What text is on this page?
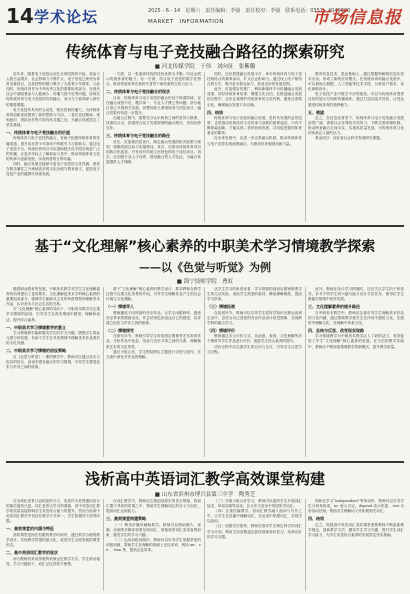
14 学术论坛	2025 - 6 - 14　星期六　责任编辑：李强　责任校对：李强　联系电话：0351 - 4046800
MARKET　INFORMATION	市场信息报
传统体育与电子竞技融合路径的探索研究
■ 河北传媒学院　于伟　刘向征　张紫璐

近年来，随着电子竞技运动在全球范围内兴起，其参与人数日益增多，社会影响力不断扩大，电子竞技已被列为体育竞赛项目，以其独特的魅力吸引了大批青少年群体。与此同时，传统体育作为中华优秀文化的重要组成部分，在现代社会中面临着参与人数减少、传播力度不足等问题。如何实现传统体育与电子竞技的有机融合，成为当下值得深入研究的重要课题。

电子竞技所具有的互动性、娱乐性和传播力，为传统体育的创新发展提供了新的思路与方向。二者在竞技精神、规则意识、团队协作等方面具有共通之处，为融合发展奠定了坚实基础。

一、传统体育与电子竞技融合的价值

传统体育与电子竞技的融合，有助于拓展传统体育的传播渠道，提升其在青少年群体中的吸引力与影响力。通过电子竞技平台，传统体育项目可以借助数字化手段实现更广泛的传播，让更多年轻人了解和参与其中，推动传统体育文化的传承与创新发展，实现两者的互利共赢。

同时，融合发展还能够丰富电子竞技的文化内涵，使其在娱乐属性之外承载更多的文化价值与教育意义，促进电子竞技产业的健康可持续发展。

一方面，以一张素养体验的经验优势为平衡，向社会展示传统体育的魅力；另一方面，结合电子竞技的数字化特点，推动传统体育在新时代背景下焕发新的生机与活力。

二、传统体育与电子竞技融合的现状

目前，传统体育与电子竞技的融合仍处于探索阶段，存在融合深度不足、模式单一、专业人才匮乏等问题。部分地区虽已开展相关实践，但整体缺乏系统规划与顶层设计，融合效果有待进一步提升。

在融合过程中，需要充分认识两者之间的差异与联系，找准结合点，探索符合双方发展规律的融合路径，实现优势互补。

三、传统体育与电子竞技融合的路径

首先，应加强顶层设计，制定融合发展的相关政策与规划，明确发展目标与实施路径。其次，应推动传统体育项目的数字化改造，开发具有传统文化特色的电子竞技项目。再次，应加强专业人才培养，建设融合型人才队伍，为融合发展提供人才保障。

同时，还应搭建融合发展平台，举办传统体育与电子竞技相结合的赛事活动，扩大社会影响力。通过线上线下相结合的方式，吸引更多群众参与，营造良好的发展氛围。

此外，应加强宣传推广，利用新媒体平台传播融合发展成果，讲好传统体育故事，增强文化自信。在推进融合发展的过程中，还应注重保护传统体育的文化内核，避免过度娱乐化，确保融合发展方向正确。

四、结语

传统体育与电子竞技的融合发展，是时代发展的必然趋势，也是推动传统体育文化传承与创新的重要途径。只有不断探索创新，才能实现二者的协调发展，共同促进我国体育事业的繁荣。

在未来发展中，应进一步完善融合机制，推动传统体育与电子竞技实现深度融合，为建设体育强国贡献力量。

教育信息技术，是此基础上，通过数据库解构信息化技术应用，形成了新的应用模式。在传统体育的融合发展中，可以借助大数据、人工智能等技术手段，分析用户需求，优化赛事设计。

电子竞技产业中数字平台的建设，可以为传统体育提供良好的展示空间和传播载体。通过打造沉浸式体验，让受众感受传统体育的独特魅力。

五、展望

总之，在信息化背景下，传统体育与电子竞技融合发展前景广阔，需要社会各界的共同努力，不断完善体制机制，推动两者融合走深走实，实现高质量发展，为传统体育文化的传承注入新的活力。

基金项目：河北省社会科学发展研究课题。

基于“文化理解”核心素养的中职美术学习情境教学探索
——以《色觉与听觉》为例
■ 海宁技师学院　曹虹

随着职业教育的发展，中职美术教学对学生文化理解素养的培养提出了更高要求。文化理解是美术学科核心素养的重要组成部分，强调学生能够从文化的角度观察和理解美术作品，认识美术与社会生活的关系。

在“文化理解”核心素养的导向下，中职美术教学应注重学习情境的创设，引导学生在真实情境中感受、理解和表达，提升综合素养。

一、中职美术学习情境教学的意义

学习情境教学能够激发学生的学习兴趣，增强学生的参与感与体验感，有助于学生在具体情境中理解美术作品背后的文化内涵。

二、中职美术学习情境的创设策略

在《色觉与听觉》一课的教学中，教师可以通过音乐与色彩的结合，创设多感官融合的学习情境，引导学生感受色彩与声音之间的联系。

基于“文化理解”核心素养的教学设计，要求教师在教学过程中注重文化背景的介绍，引导学生理解作品产生的社会环境与文化渊源。

（一）情境导入

教师播放不同风格的音乐作品，让学生闭眼聆听，感受音乐带来的情绪变化，并尝试用色彩表达自己的感受，初步建立色彩与声音之间的联系。

（二）情境探究

在探究环节，教师引导学生欣赏康定斯基等艺术家的作品，分析作品中色彩、线条与音乐节奏之间的关系，理解抽象艺术的文化背景。

通过小组合作，学生围绕特定主题进行讨论与创作，在交流中深化对作品的理解。

从学生学习的角度来看，学习情境的创设应紧密联系学生的生活实际，选取学生熟悉的素材，降低理解难度，提高学习效率。

（三）情境拓展

在拓展环节，教师可以引导学生将所学知识迁移运用到生活中，尝试为自己喜爱的音乐作品设计视觉图像，实现跨学科的融合学习。

（四）情境评价

教师通过多元评价方式，从创意、表现、文化理解等多个维度对学生作品进行评价，促进学生综合素养的提升。

评价过程中应注重学生的自评与互评，引导学生反思学习过程。

此外，教师在设计学习情境时，还应关注学生的个体差异，针对不同学生的兴趣与能力设计分层任务，使每位学生都能在情境中获得发展。

三、文化理解素养的提升路径

在中职美术教学中，教师应注重引导学生理解美术作品的文化内涵，通过情境教学使学生在体验中感悟文化，在感悟中理解文化，在理解中传承文化。

四、总结与反思、改变现实现路

学习情境教学为中职美术教学注入了新的活力，有效促进了学生“文化理解”核心素养的发展。在今后的教学实践中，教师应不断探索情境教学的新模式，提升教学质量。

浅析高中英语词汇教学高效课堂构建
■ 山东省滨州市博兴县第三中学　陶秀芝

在全球化背景日益明显的今天，英语作为世界通用语言的地位越发凸显。词汇是语言学习的基础，高中英语词汇教学的质量直接影响学生英语综合能力的提升。然而当前高中英语词汇教学中仍存在教学方式单一、学生积极性不高等问题。

一、高效课堂的内涵与特征

高效课堂是指在有限的教学时间内，通过科学合理的教学设计，实现教学效果的最大化，促进学生全面发展的课堂形态。

二、高中英语词汇教学的现状

部分教师仍采用传统的机械记忆教学方式，学生被动接受，学习兴趣低下，词汇记忆效果不理想。

在词汇教学中，教师应注重创设真实的语言情境，将词汇置于具体的语境之中，帮助学生理解词汇的含义与用法，提高词汇运用能力。

三、高效课堂构建策略

（一）利用多媒体辅助教学。教师可以借助图片、视频、动画等多媒体资源呈现词汇，使抽象的词汇变得直观形象，激发学生的学习兴趣。

（二）运用词根词缀法。教师可以引导学生掌握常见的词根词缀，帮助学生在理解的基础上记忆单词，例如 un-、re-、-tion 等，提高记忆效率。

（三）开展小组合作学习。教师可以组织学生开展词汇接龙、单词竞赛等活动，在合作与竞争中巩固所学词汇。

（四）注重语篇教学。将词汇教学融入阅读与写作之中，让学生在语篇中理解词汇，在运用中掌握词汇，实现学以致用。

（五）加强学法指导。教师应指导学生制定科学的词汇学习计划，利用艾宾浩斯遗忘曲线规律及时复习，培养良好的学习习惯。

例如在学习“independent”等单词时，教师可以引导学生分析其构成，in- 表示否定，depend 表示依靠，-ent 为形容词后缀，帮助学生理解词义并拓展相关词汇。

四、结语

总之，构建高中英语词汇高效课堂需要教师不断更新教学理念，创新教学方法，激发学生学习兴趣，提升学生词汇学习能力，为学生英语综合素养的发展奠定坚实基础。
